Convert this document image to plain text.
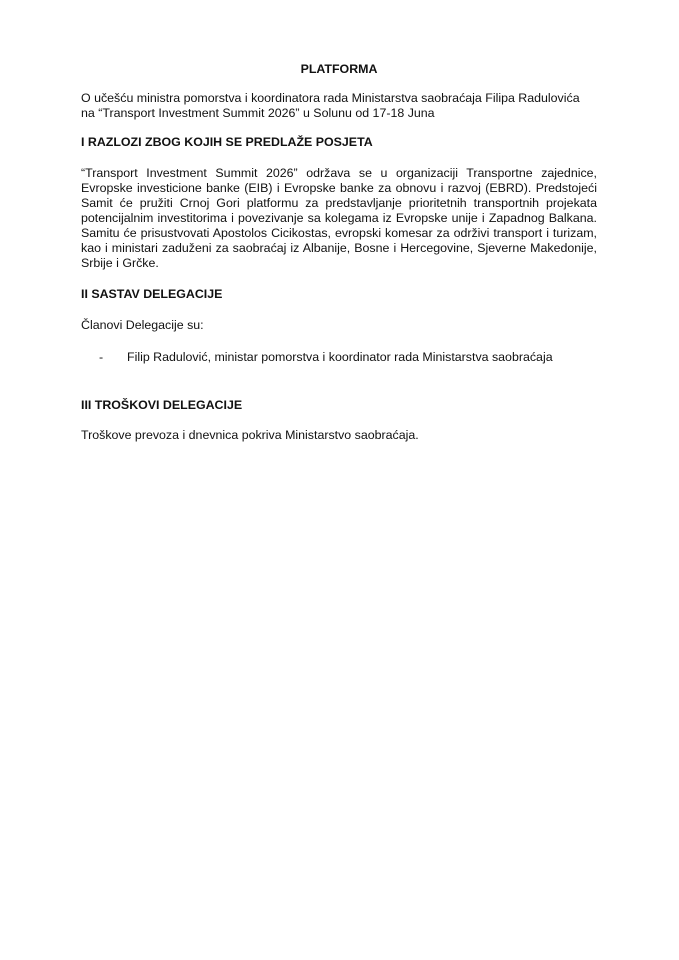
PLATFORMA
O učešću ministra pomorstva i koordinatora rada Ministarstva saobraćaja Filipa Radulovića
na “Transport Investment Summit 2026” u Solunu od 17-18 Juna
I RAZLOZI ZBOG KOJIH SE PREDLAŽE POSJETA

“Transport Investment Summit 2026” održava se u organizaciji Transportne zajednice, Evropske investicione banke (EIB) i Evropske banke za obnovu i razvoj (EBRD). Predstojeći Samit će pružiti Crnoj Gori platformu za predstavljanje prioritetnih transportnih projekata potencijalnim investitorima i povezivanje sa kolegama iz Evropske unije i Zapadnog Balkana. Samitu će prisustvovati Apostolos Cicikostas, evropski komesar za održivi transport i turizam, kao i ministari zaduženi za saobraćaj iz Albanije, Bosne i Hercegovine, Sjeverne Makedonije, Srbije i Grčke.

II SASTAV DELEGACIJE

Članovi Delegacije su:

- Filip Radulović, ministar pomorstva i koordinator rada Ministarstva saobraćaja
III TROŠKOVI DELEGACIJE

Troškove prevoza i dnevnica pokriva Ministarstvo saobraćaja.
